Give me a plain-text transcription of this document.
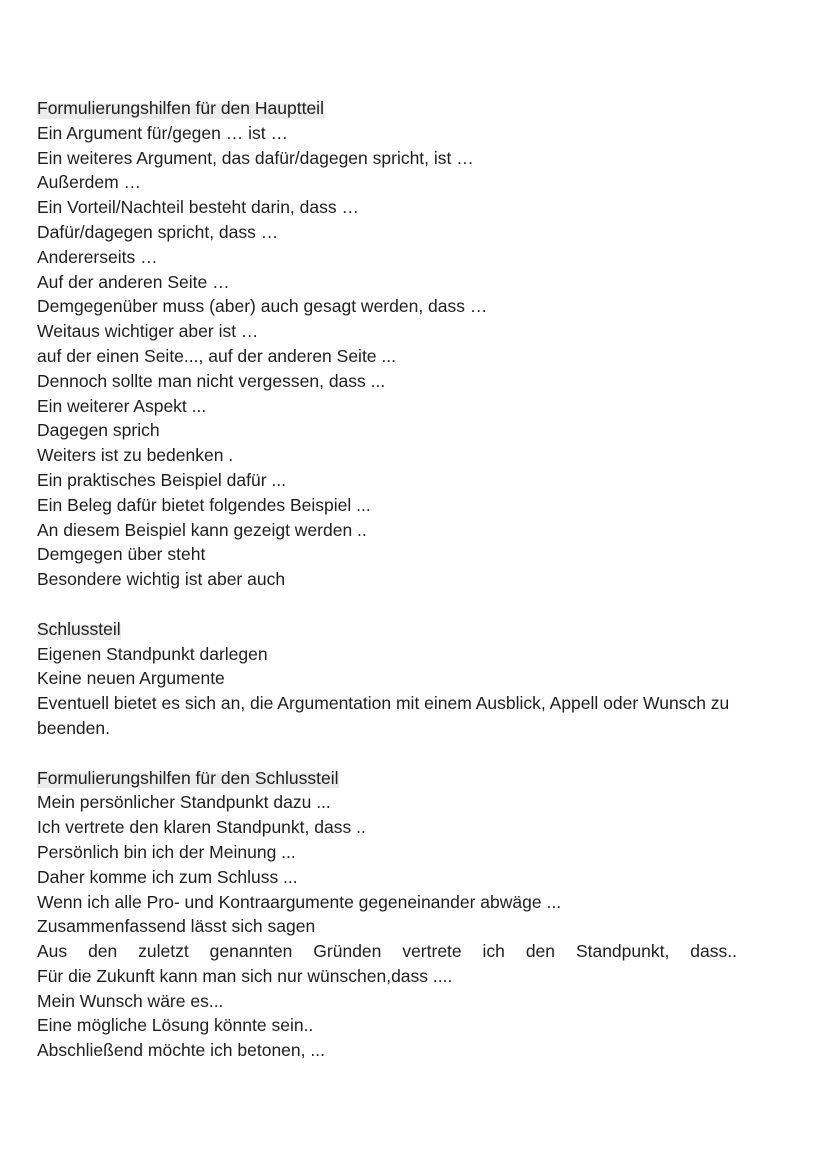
Formulierungshilfen für den Hauptteil

Ein Argument für/gegen … ist …

Ein weiteres Argument, das dafür/dagegen spricht, ist …

Außerdem …

Ein Vorteil/Nachteil besteht darin, dass …

Dafür/dagegen spricht, dass …

Andererseits …

Auf der anderen Seite …

Demgegenüber muss (aber) auch gesagt werden, dass …

Weitaus wichtiger aber ist …

auf der einen Seite..., auf der anderen Seite ...

Dennoch sollte man nicht vergessen, dass ...

Ein weiterer Aspekt ...

Dagegen sprich

Weiters ist zu bedenken .

Ein praktisches Beispiel dafür ...

Ein Beleg dafür bietet folgendes Beispiel ...

An diesem Beispiel kann gezeigt werden ..

Demgegen über steht

Besondere wichtig ist aber auch

Schlussteil

Eigenen Standpunkt darlegen

Keine neuen Argumente

Eventuell bietet es sich an, die Argumentation mit einem Ausblick, Appell oder Wunsch zu beenden.

Formulierungshilfen für den Schlussteil

Mein persönlicher Standpunkt dazu ...

Ich vertrete den klaren Standpunkt, dass ..

Persönlich bin ich der Meinung ...

Daher komme ich zum Schluss ...

Wenn ich alle Pro- und Kontraargumente gegeneinander abwäge ...

Zusammenfassend lässt sich sagen

Aus den zuletzt genannten Gründen vertrete ich den Standpunkt, dass..

Für die Zukunft kann man sich nur wünschen,dass ....

Mein Wunsch wäre es...

Eine mögliche Lösung könnte sein..

Abschließend möchte ich betonen, ...
